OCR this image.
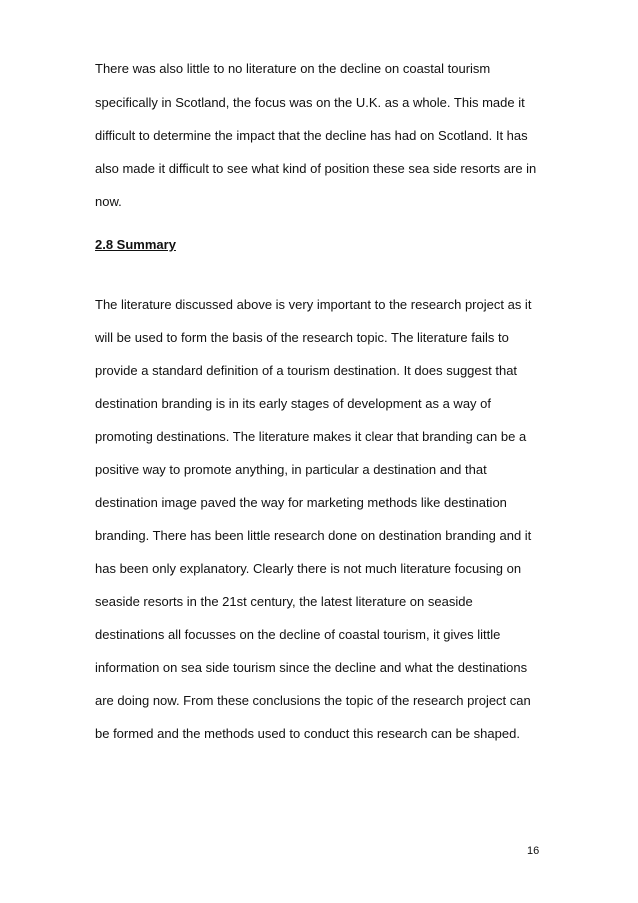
There was also little to no literature on the decline on coastal tourism
specifically in Scotland, the focus was on the U.K. as a whole. This made it
difficult to determine the impact that the decline has had on Scotland. It has
also made it difficult to see what kind of position these sea side resorts are in
now.
2.8 Summary
The literature discussed above is very important to the research project as it
will be used to form the basis of the research topic. The literature fails to
provide a standard definition of a tourism destination. It does suggest that
destination branding is in its early stages of development as a way of
promoting destinations. The literature makes it clear that branding can be a
positive way to promote anything, in particular a destination and that
destination image paved the way for marketing methods like destination
branding. There has been little research done on destination branding and it
has been only explanatory. Clearly there is not much literature focusing on
seaside resorts in the 21st century, the latest literature on seaside
destinations all focusses on the decline of coastal tourism, it gives little
information on sea side tourism since the decline and what the destinations
are doing now. From these conclusions the topic of the research project can
be formed and the methods used to conduct this research can be shaped.
16
